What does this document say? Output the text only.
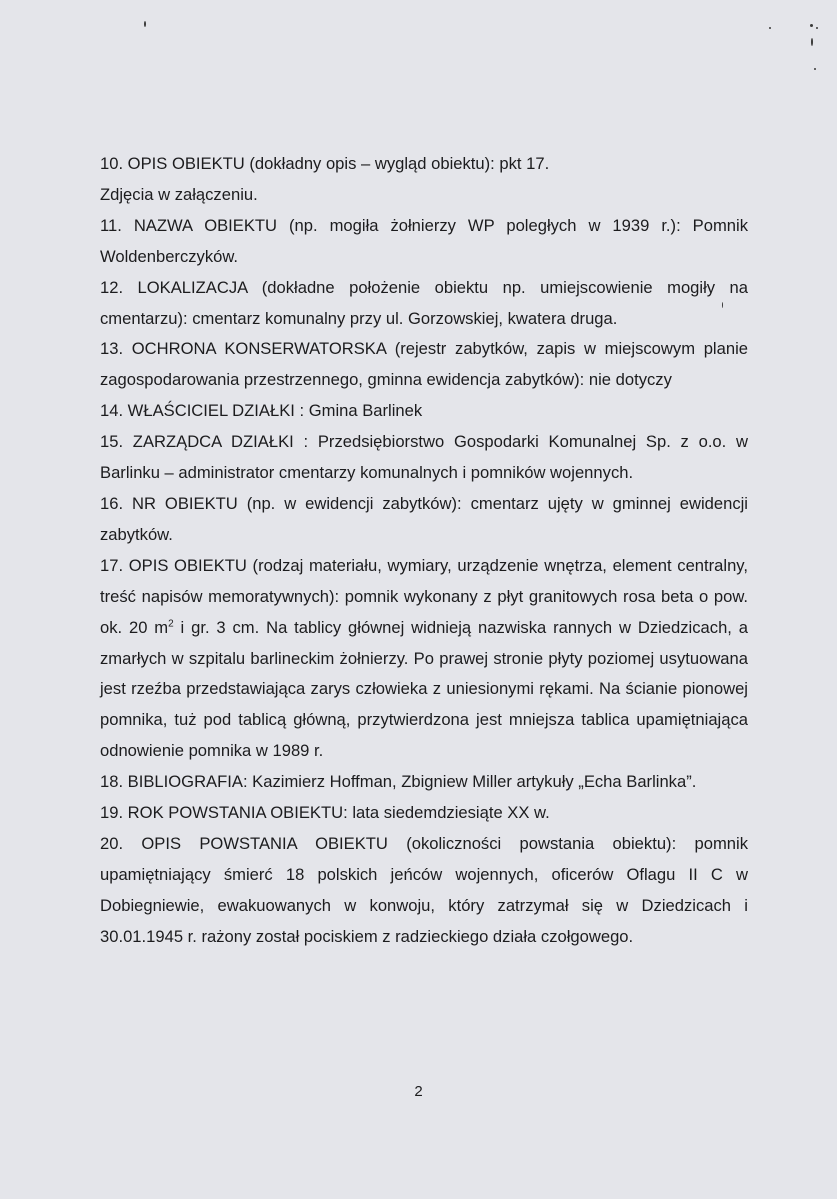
10. OPIS OBIEKTU (dokładny opis – wygląd obiektu): pkt 17.

Zdjęcia w załączeniu.

11. NAZWA OBIEKTU (np. mogiła żołnierzy WP poległych w 1939 r.): Pomnik Woldenberczyków.

12. LOKALIZACJA (dokładne położenie obiektu np. umiejscowienie mogiły na cmentarzu): cmentarz komunalny przy ul. Gorzowskiej, kwatera druga.

13. OCHRONA KONSERWATORSKA (rejestr zabytków, zapis w miejscowym planie zagospodarowania przestrzennego, gminna ewidencja zabytków): nie dotyczy

14. WŁAŚCICIEL DZIAŁKI : Gmina Barlinek

15. ZARZĄDCA DZIAŁKI : Przedsiębiorstwo Gospodarki Komunalnej Sp. z o.o. w Barlinku – administrator cmentarzy komunalnych i pomników wojennych.

16. NR OBIEKTU (np. w ewidencji zabytków): cmentarz ujęty w gminnej ewidencji zabytków.

17. OPIS OBIEKTU (rodzaj materiału, wymiary, urządzenie wnętrza, element centralny, treść napisów memoratywnych): pomnik wykonany z płyt granitowych rosa beta o pow. ok. 20 $m^2$ i gr. 3 cm. Na tablicy głównej widnieją nazwiska rannych w Dziedzicach, a zmarłych w szpitalu barlineckim żołnierzy. Po prawej stronie płyty poziomej usytuowana jest rzeźba przedstawiająca zarys człowieka z uniesionymi rękami. Na ścianie pionowej pomnika, tuż pod tablicą główną, przytwierdzona jest mniejsza tablica upamiętniająca odnowienie pomnika w 1989 r.

18. BIBLIOGRAFIA: Kazimierz Hoffman, Zbigniew Miller artykuły „Echa Barlinka”.

19. ROK POWSTANIA OBIEKTU: lata siedemdziesiąte XX w.

20. OPIS POWSTANIA OBIEKTU (okoliczności powstania obiektu): pomnik upamiętniający śmierć 18 polskich jeńców wojennych, oficerów Oflagu II C w Dobiegniewie, ewakuowanych w konwoju, który zatrzymał się w Dziedzicach i 30.01.1945 r. rażony został pociskiem z radzieckiego działa czołgowego.

2
